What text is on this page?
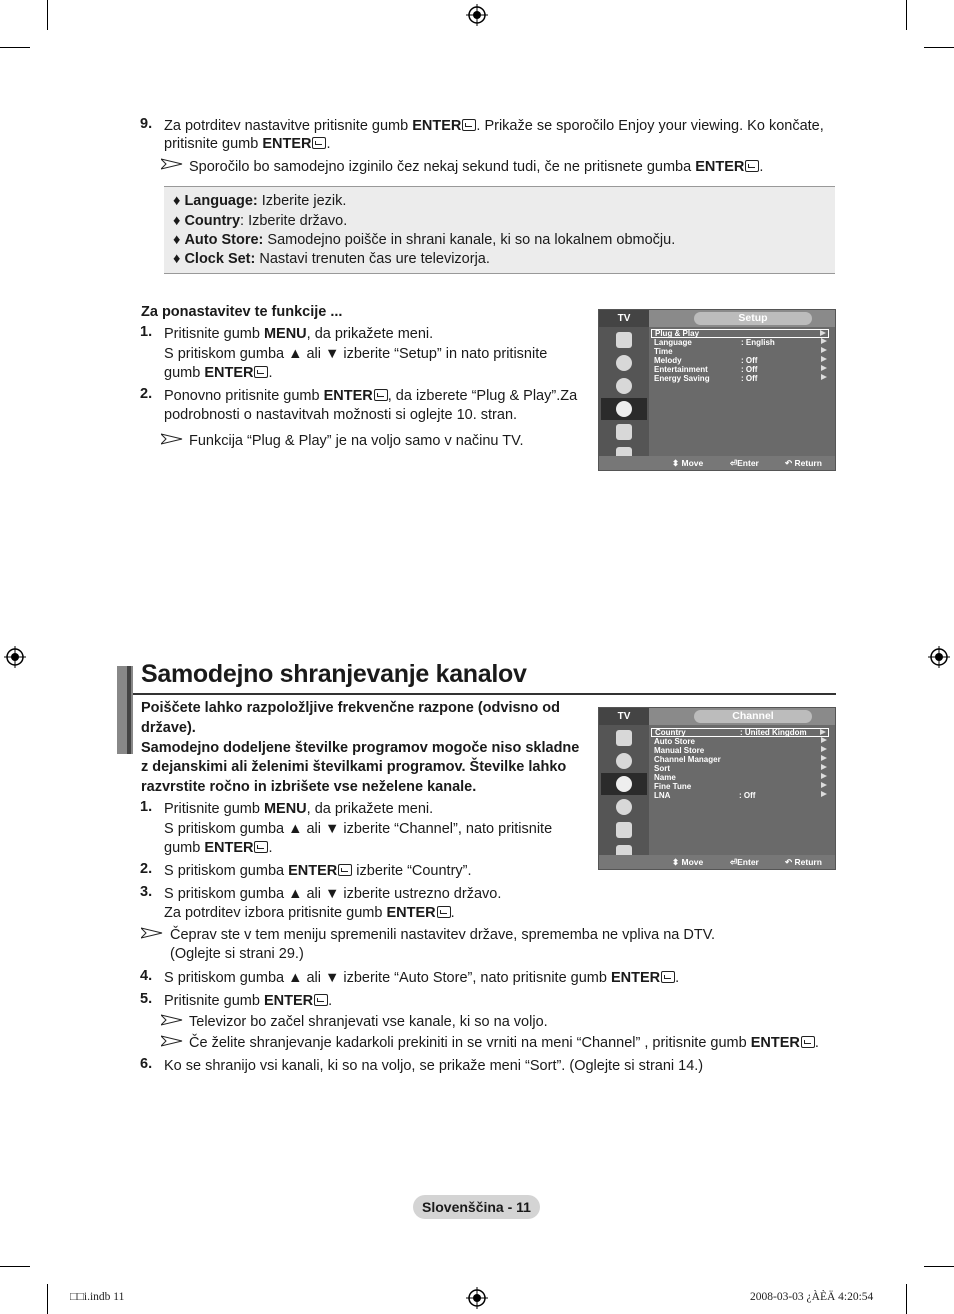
9. Za potrditev nastavitve pritisnite gumb ENTER . Prikaže se sporočilo Enjoy your viewing. Ko končate,
pritisnite gumb ENTER .
Sporočilo bo samodejno izginilo čez nekaj sekund tudi, če ne pritisnete gumba ENTER .
♦ Language: Izberite jezik.
♦ Country: Izberite državo.
♦ Auto Store: Samodejno poišče in shrani kanale, ki so na lokalnem območju.
♦ Clock Set: Nastavi trenuten čas ure televizorja.
Za ponastavitev te funkcije ...
1. Pritisnite gumb MENU, da prikažete meni.
S pritiskom gumba ▲ ali ▼ izberite “Setup” in nato pritisnite
gumb ENTER .
2. Ponovno pritisnite gumb ENTER , da izberete “Plug & Play”.Za
podrobnosti o nastavitvah možnosti si oglejte 10. stran.
Funkcija “Plug & Play” je na voljo samo v načinu TV.
TV	Setup
Plug & Play
Language	: English
Time
Melody	: Off
Entertainment	: Off
Energy Saving	: Off
⬍ Move	⏎Enter	↶ Return
Samodejno shranjevanje kanalov
Poiščete lahko razpoložljive frekvenčne razpone (odvisno od
države).
Samodejno dodeljene številke programov mogoče niso skladne
z dejanskimi ali želenimi številkami programov. Številke lahko
razvrstite ročno in izbrišete vse neželene kanale.
1. Pritisnite gumb MENU, da prikažete meni.
S pritiskom gumba ▲ ali ▼ izberite “Channel”, nato pritisnite
gumb ENTER .
2. S pritiskom gumba ENTER izberite “Country”.
3. S pritiskom gumba ▲ ali ▼ izberite ustrezno državo.
Za potrditev izbora pritisnite gumb ENTER .
Čeprav ste v tem meniju spremenili nastavitev države, sprememba ne vpliva na DTV.
(Oglejte si strani 29.)
4. S pritiskom gumba ▲ ali ▼ izberite “Auto Store”, nato pritisnite gumb ENTER .
5. Pritisnite gumb ENTER .
Televizor bo začel shranjevati vse kanale, ki so na voljo.
Če želite shranjevanje kadarkoli prekiniti in se vrniti na meni “Channel” , pritisnite gumb ENTER .
6. Ko se shranijo vsi kanali, ki so na voljo, se prikaže meni “Sort”. (Oglejte si strani 14.)
TV	Channel
Country	: United Kingdom
Auto Store
Manual Store
Channel Manager
Sort
Name
Fine Tune
LNA	: Off
⬍ Move	⏎Enter	↶ Return
Slovenščina - 11
□□i.indb 11	2008-03-03 ¿ÀÈÄ 4:20:54
